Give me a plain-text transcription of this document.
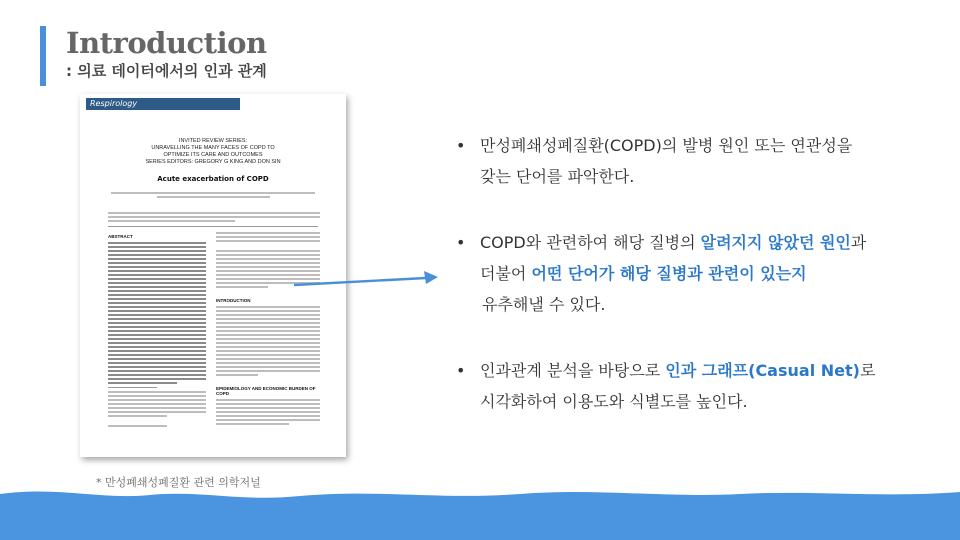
Introduction
: 의료 데이터에서의 인과 관계
Respirology
INVITED REVIEW SERIES:
UNRAVELLING THE MANY FACES OF COPD TO
OPTIMIZE ITS CARE AND OUTCOMES
SERIES EDITORS: GREGORY G KING AND DON SIN
Acute exacerbation of COPD
ABSTRACT
INTRODUCTION
EPIDEMIOLOGY AND ECONOMIC BURDEN OF COPD
• 만성폐쇄성폐질환(COPD)의 발병 원인 또는 연관성을
갖는 단어를 파악한다.
• COPD와 관련하여 해당 질병의 알려지지 않았던 원인과
더불어 어떤 단어가 해당 질병과 관련이 있는지
유추해낼 수 있다.
• 인과관계 분석을 바탕으로 인과 그래프(Casual Net)로
시각화하여 이용도와 식별도를 높인다.
* 만성폐쇄성폐질환 관련 의학저널
